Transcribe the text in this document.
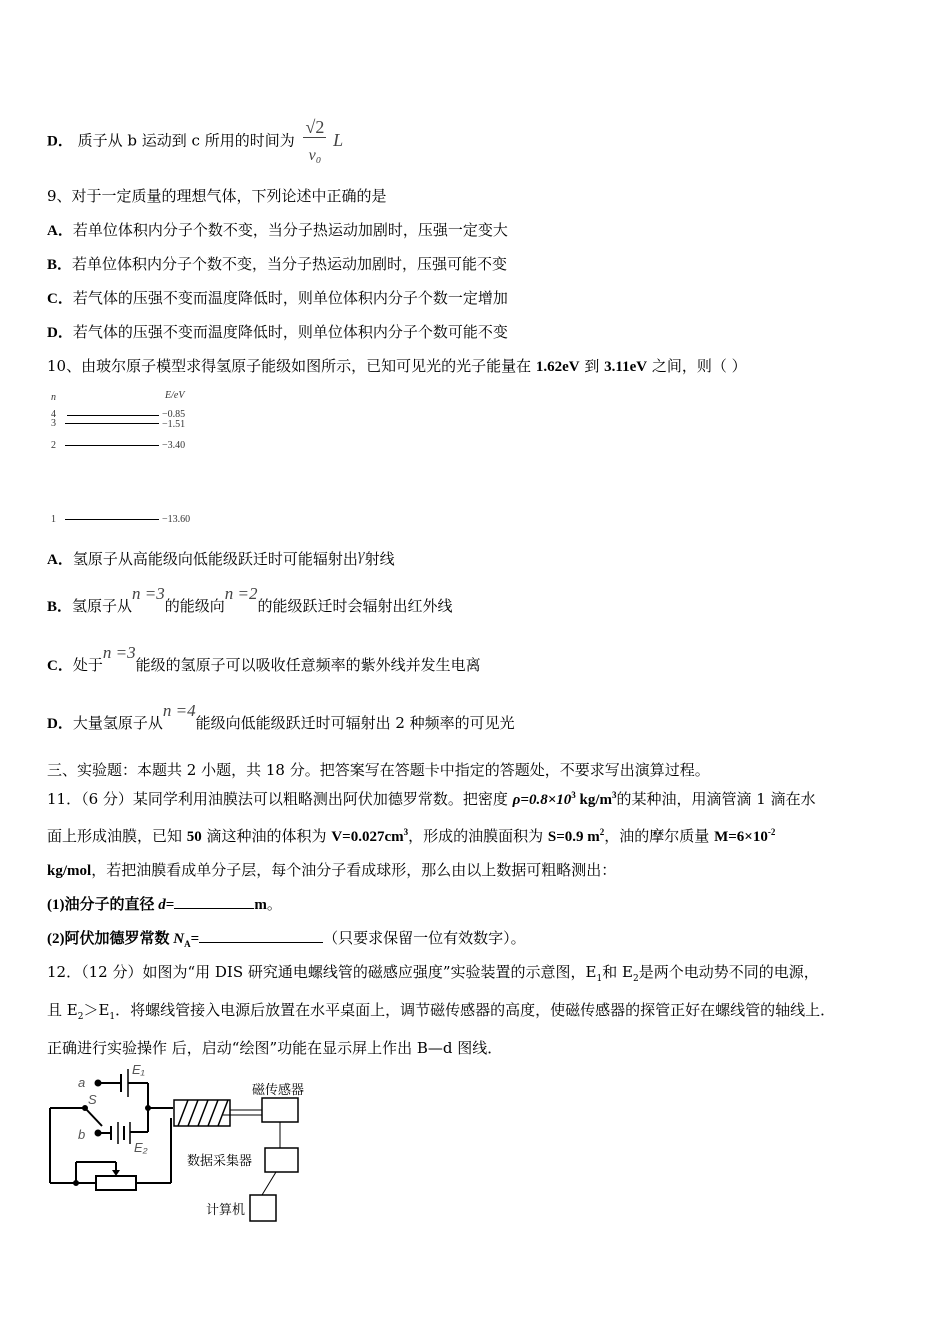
D． 质子从 b 运动到 c 所用的时间为 $\frac{√2}{\text{v₀}}$ L
9、对于一定质量的理想气体，下列论述中正确的是
A．若单位体积内分子个数不变，当分子热运动加剧时，压强一定变大
B．若单位体积内分子个数不变，当分子热运动加剧时，压强可能不变
C．若气体的压强不变而温度降低时，则单位体积内分子个数一定增加
D．若气体的压强不变而温度降低时，则单位体积内分子个数可能不变
10、由玻尔原子模型求得氢原子能级如图所示，已知可见光的光子能量在 1.62eV 到 3.11eV 之间，则（ ）
n	E/eV
4	−0.85
3	−1.51
2	−3.40
1	−13.60
A．氢原子从高能级向低能级跃迁时可能辐射出γ射线
B．氢原子从n =3的能级向n =2的能级跃迁时会辐射出红外线
C．处于n =3能级的氢原子可以吸收任意频率的紫外线并发生电离
D．大量氢原子从n =4能级向低能级跃迁时可辐射出 2 种频率的可见光
三、实验题：本题共 2 小题，共 18 分。把答案写在答题卡中指定的答题处，不要求写出演算过程。
11．（6 分）某同学利用油膜法可以粗略测出阿伏加德罗常数。把密度 $\rho=0.8\times 10^3$ $kg/m^3$的某种油，用滴管滴 1 滴在水
面上形成油膜，已知 50 滴这种油的体积为 $V=0.027cm^3$，形成的油膜面积为 S=0.9 $m^2$，油的摩尔质量 $M=6\times 10^{-2}$
kg/mol，若把油膜看成单分子层，每个油分子看成球形，那么由以上数据可粗略测出：
(1)油分子的直径 d=	m。
(2)阿伏加德罗常数 $N_A=$	（只要求保留一位有效数字）。
12．（12 分）如图为“用 DIS 研究通电螺线管的磁感应强度”实验装置的示意图，$E_1$和 $E_2$是两个电动势不同的电源，
且 $E_2>E_1$．将螺线管接入电源后放置在水平桌面上，调节磁传感器的高度，使磁传感器的探管正好在螺线管的轴线上．
正确进行实验操作 后，启动“绘图”功能在显示屏上作出 B—d 图线．
a
b
S
E₁
E₂
磁传感器
数据采集器
计算机
